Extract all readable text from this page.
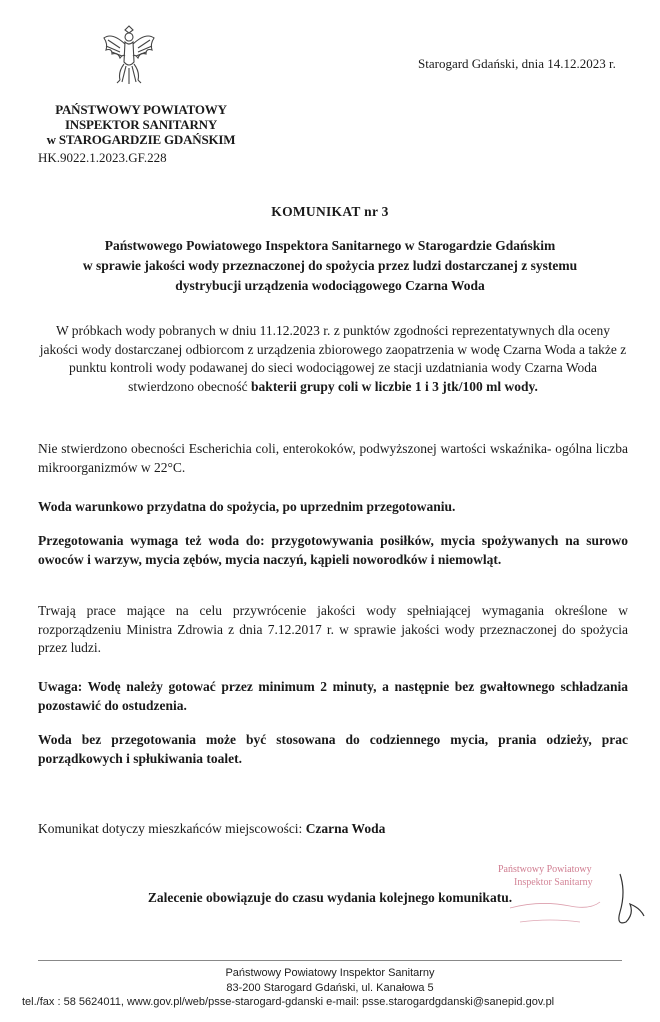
Starogard Gdański, dnia 14.12.2023 r.
PAŃSTWOWY POWIATOWY
INSPEKTOR SANITARNY
w STAROGARDZIE GDAŃSKIM
HK.9022.1.2023.GF.228
KOMUNIKAT nr 3
Państwowego Powiatowego Inspektora Sanitarnego w Starogardzie Gdańskim
w sprawie jakości wody przeznaczonej do spożycia przez ludzi dostarczanej z systemu
dystrybucji urządzenia wodociągowego Czarna Woda
W próbkach wody pobranych w dniu 11.12.2023 r. z punktów zgodności reprezentatywnych dla oceny jakości wody dostarczanej odbiorcom z urządzenia zbiorowego zaopatrzenia w wodę Czarna Woda a także z punktu kontroli wody podawanej do sieci wodociągowej ze stacji uzdatniania wody Czarna Woda stwierdzono obecność bakterii grupy coli w liczbie 1 i 3 jtk/100 ml wody.
Nie stwierdzono obecności Escherichia coli, enterokoków, podwyższonej wartości wskaźnika- ogólna liczba mikroorganizmów w 22°C.
Woda warunkowo przydatna do spożycia, po uprzednim przegotowaniu.
Przegotowania wymaga też woda do: przygotowywania posiłków, mycia spożywanych na surowo owoców i warzyw, mycia zębów, mycia naczyń, kąpieli noworodków i niemowląt.
Trwają prace mające na celu przywrócenie jakości wody spełniającej wymagania określone w rozporządzeniu Ministra Zdrowia z dnia 7.12.2017 r. w sprawie jakości wody przeznaczonej do spożycia przez ludzi.
Uwaga: Wodę należy gotować przez minimum 2 minuty, a następnie bez gwałtownego schładzania pozostawić do ostudzenia.
Woda bez przegotowania może być stosowana do codziennego mycia, prania odzieży, prac porządkowych i spłukiwania toalet.
Komunikat dotyczy mieszkańców miejscowości: Czarna Woda
Państwowy Powiatowy
Inspektor Sanitarny
Zalecenie obowiązuje do czasu wydania kolejnego komunikatu.
Państwowy Powiatowy Inspektor Sanitarny
83-200 Starogard Gdański, ul. Kanałowa 5
tel./fax : 58 5624011, www.gov.pl/web/psse-starogard-gdanski e-mail: psse.starogardgdanski@sanepid.gov.pl
